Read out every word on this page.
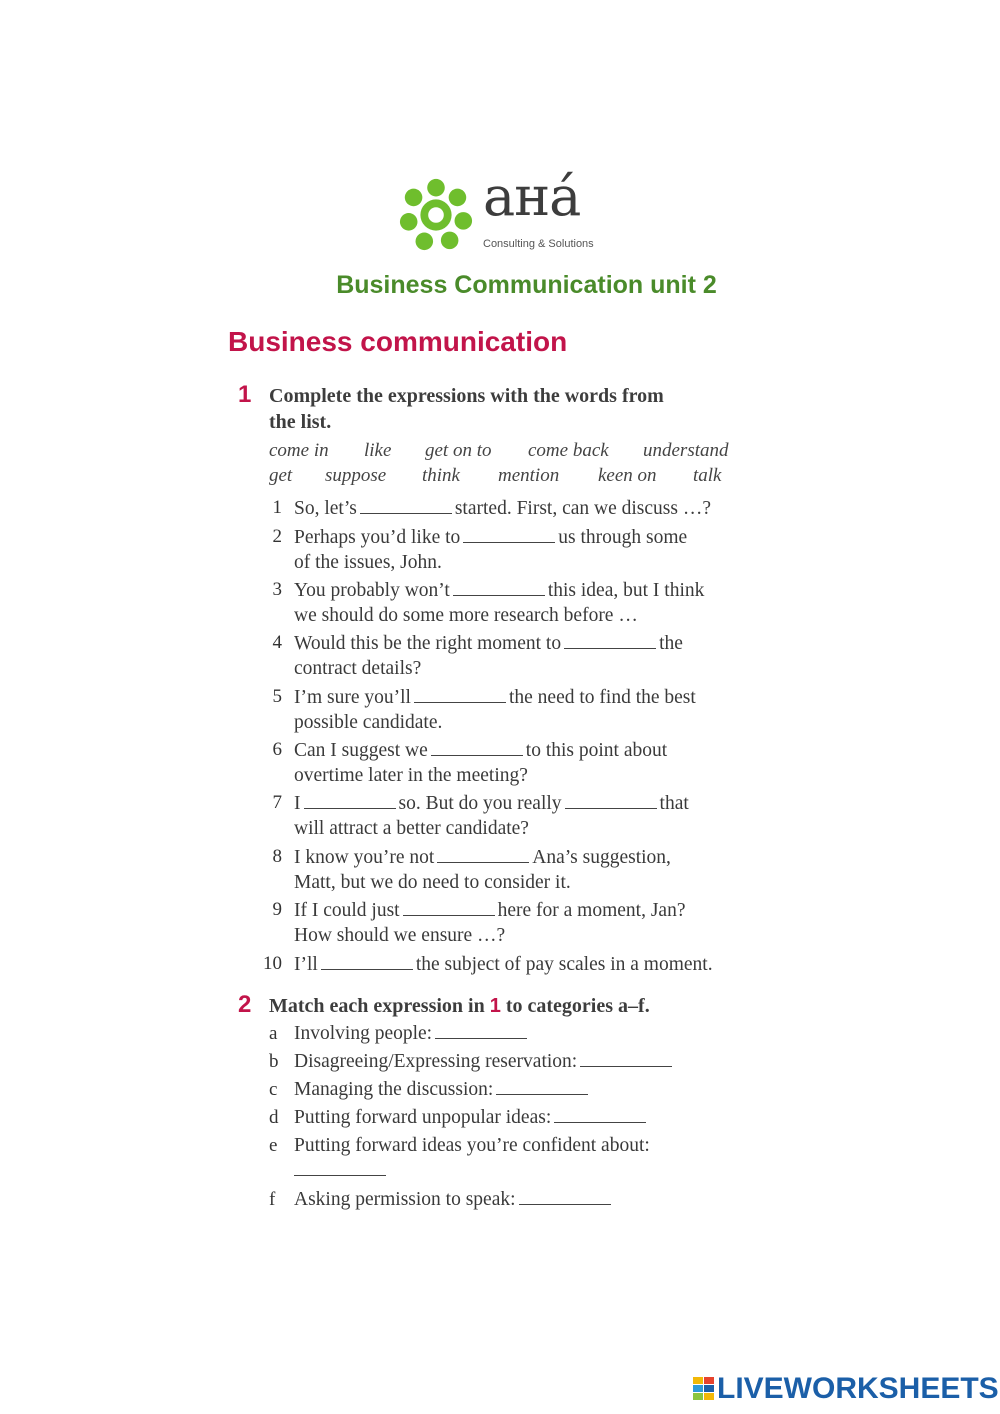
aнá
Consulting & Solutions
Business Communication unit 2
Business communication
1 Complete the expressions with the words from
the list.
come in like get on to come back understand
get suppose think mention keen on talk
1 So, let’s	started. First, can we discuss …?
2 Perhaps you’d like to	us through some
of the issues, John.
3 You probably won’t	this idea, but I think
we should do some more research before …
4 Would this be the right moment to	the
contract details?
5 I’m sure you’ll	the need to find the best
possible candidate.
6 Can I suggest we	to this point about
overtime later in the meeting?
7 I	so. But do you really	that
will attract a better candidate?
8 I know you’re not	Ana’s suggestion,
Matt, but we do need to consider it.
9 If I could just	here for a moment, Jan?
How should we ensure …?
10 I’ll	the subject of pay scales in a moment.
2 Match each expression in 1 to categories a–f.
a Involving people:
b Disagreeing/Expressing reservation:
c Managing the discussion:
d Putting forward unpopular ideas:
e Putting forward ideas you’re confident about:

f Asking permission to speak:
LIVEWORKSHEETS
